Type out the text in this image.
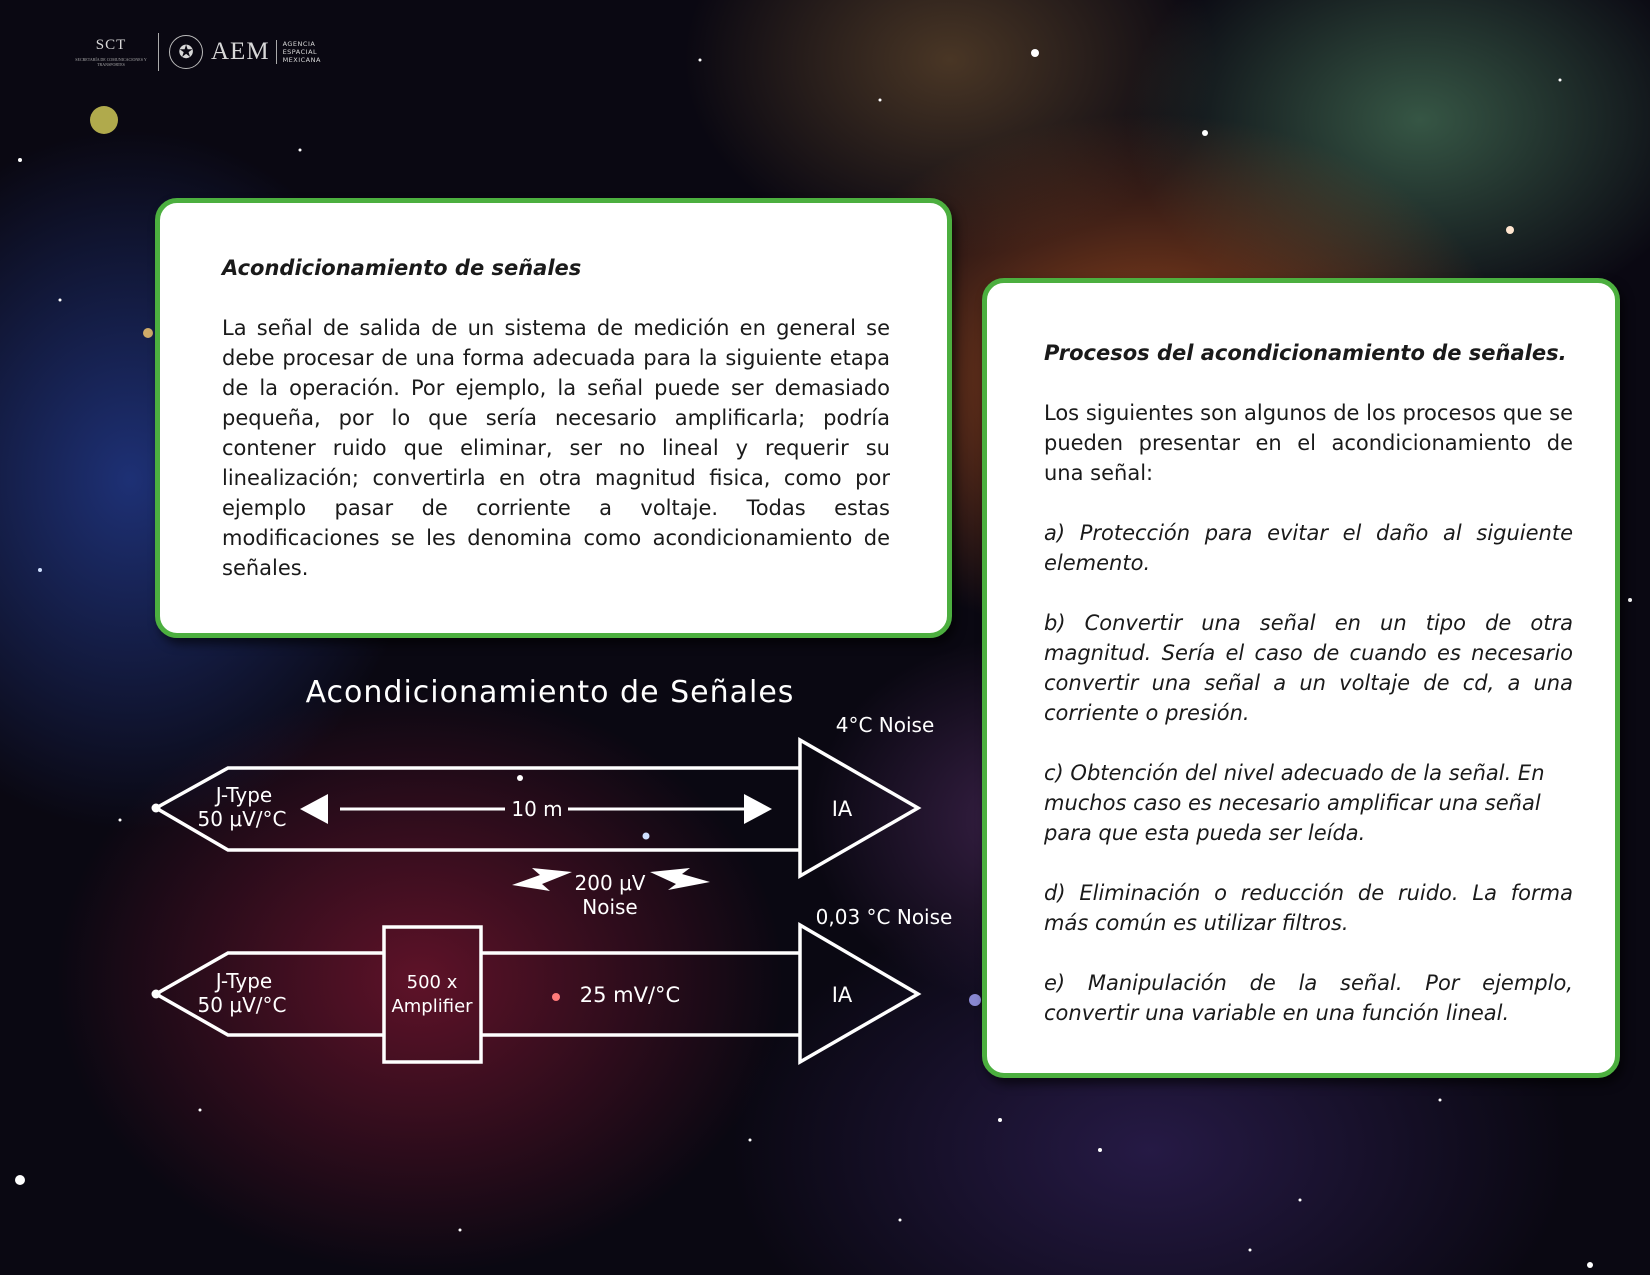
SCT
SECRETARÍA DE COMUNICACIONES Y TRANSPORTES
✪ AEM AGENCIA
ESPACIAL
MEXICANA
Acondicionamiento de señales

La señal de salida de un sistema de medición en general se debe procesar de una forma adecuada para la siguiente etapa de la operación. Por ejemplo, la señal puede ser demasiado pequeña, por lo que sería necesario amplificarla; podría contener ruido que eliminar, ser no lineal y requerir su linealización; convertirla en otra magnitud fisica, como por ejemplo pasar de corriente a voltaje. Todas estas modificaciones se les denomina como acondicionamiento de señales.

Procesos del acondicionamiento de señales.

Los siguientes son algunos de los procesos que se pueden presentar en el acondicionamiento de una señal:

a) Protección para evitar el daño al siguiente elemento.

b) Convertir una señal en un tipo de otra magnitud. Sería el caso de cuando es necesario convertir una señal a un voltaje de cd, a una corriente o presión.

c) Obtención del nivel adecuado de la señal. En muchos caso es necesario amplificar una señal para que esta pueda ser leída.

d) Eliminación o reducción de ruido. La forma más común es utilizar filtros.

e) Manipulación de la señal. Por ejemplo, convertir una variable en una función lineal.

Acondicionamiento de Señales
J-Type
50 μV/°C	10 m	IA
4°C Noise
200 μV
Noise
J-Type
50 μV/°C
500 x
Amplifier	25 mV/°C	IA
0,03 °C Noise
